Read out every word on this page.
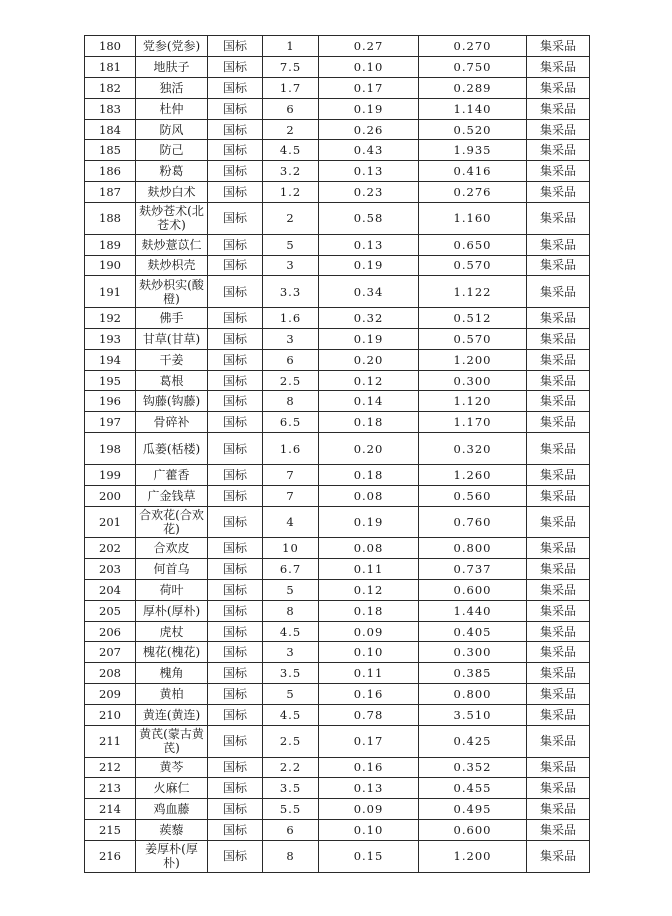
180	党参(党参)	国标	1	0.27	0.270	集采品
181	地肤子	国标	7.5	0.10	0.750	集采品
182	独活	国标	1.7	0.17	0.289	集采品
183	杜仲	国标	6	0.19	1.140	集采品
184	防风	国标	2	0.26	0.520	集采品
185	防己	国标	4.5	0.43	1.935	集采品
186	粉葛	国标	3.2	0.13	0.416	集采品
187	麸炒白术	国标	1.2	0.23	0.276	集采品
188	麸炒苍术(北苍术)	国标	2	0.58	1.160	集采品
189	麸炒薏苡仁	国标	5	0.13	0.650	集采品
190	麸炒枳壳	国标	3	0.19	0.570	集采品
191	麸炒枳实(酸橙)	国标	3.3	0.34	1.122	集采品
192	佛手	国标	1.6	0.32	0.512	集采品
193	甘草(甘草)	国标	3	0.19	0.570	集采品
194	干姜	国标	6	0.20	1.200	集采品
195	葛根	国标	2.5	0.12	0.300	集采品
196	钩藤(钩藤)	国标	8	0.14	1.120	集采品
197	骨碎补	国标	6.5	0.18	1.170	集采品
198	瓜蒌(栝楼)	国标	1.6	0.20	0.320	集采品
199	广藿香	国标	7	0.18	1.260	集采品
200	广金钱草	国标	7	0.08	0.560	集采品
201	合欢花(合欢花)	国标	4	0.19	0.760	集采品
202	合欢皮	国标	10	0.08	0.800	集采品
203	何首乌	国标	6.7	0.11	0.737	集采品
204	荷叶	国标	5	0.12	0.600	集采品
205	厚朴(厚朴)	国标	8	0.18	1.440	集采品
206	虎杖	国标	4.5	0.09	0.405	集采品
207	槐花(槐花)	国标	3	0.10	0.300	集采品
208	槐角	国标	3.5	0.11	0.385	集采品
209	黄柏	国标	5	0.16	0.800	集采品
210	黄连(黄连)	国标	4.5	0.78	3.510	集采品
211	黄芪(蒙古黄芪)	国标	2.5	0.17	0.425	集采品
212	黄芩	国标	2.2	0.16	0.352	集采品
213	火麻仁	国标	3.5	0.13	0.455	集采品
214	鸡血藤	国标	5.5	0.09	0.495	集采品
215	蒺藜	国标	6	0.10	0.600	集采品
216	姜厚朴(厚朴)	国标	8	0.15	1.200	集采品
